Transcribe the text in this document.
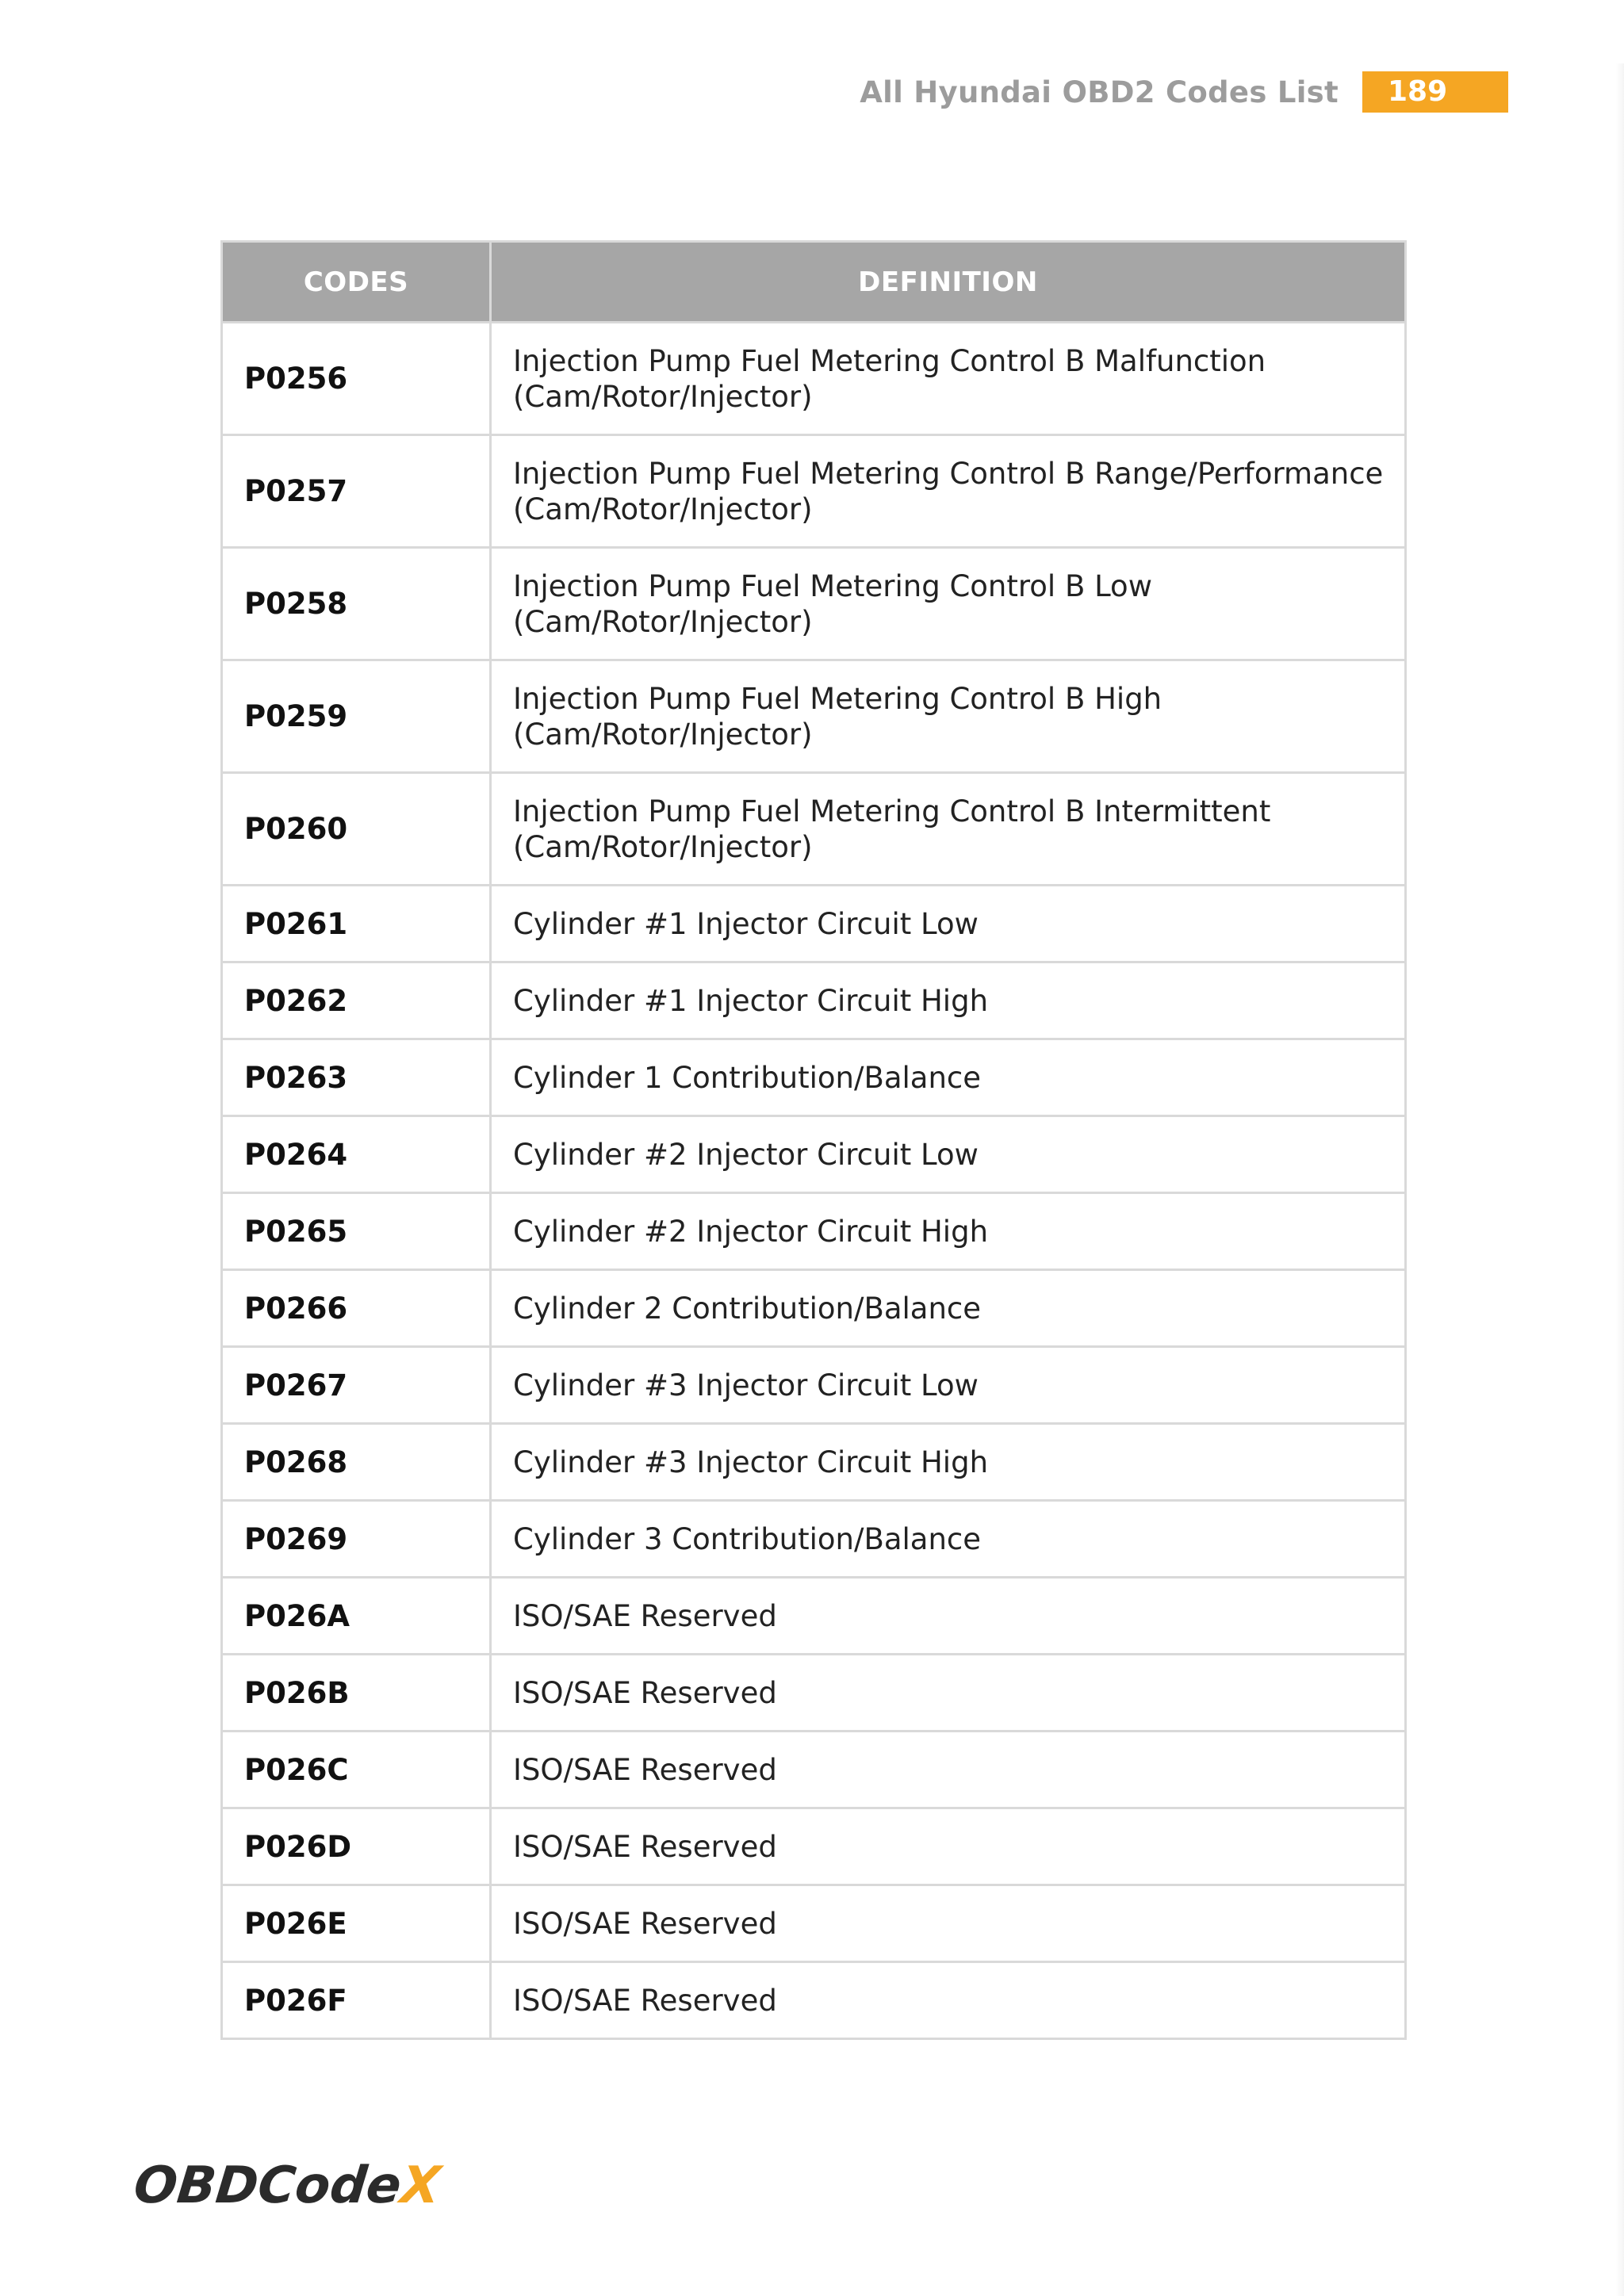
All Hyundai OBD2 Codes List	189
CODES	DEFINITION
P0256	Injection Pump Fuel Metering Control B Malfunction
(Cam/Rotor/Injector)

P0257	Injection Pump Fuel Metering Control B Range/Performance
(Cam/Rotor/Injector)

P0258	Injection Pump Fuel Metering Control B Low
(Cam/Rotor/Injector)

P0259	Injection Pump Fuel Metering Control B High
(Cam/Rotor/Injector)

P0260	Injection Pump Fuel Metering Control B Intermittent
(Cam/Rotor/Injector)

P0261	Cylinder #1 Injector Circuit Low

P0262	Cylinder #1 Injector Circuit High

P0263	Cylinder 1 Contribution/Balance

P0264	Cylinder #2 Injector Circuit Low

P0265	Cylinder #2 Injector Circuit High

P0266	Cylinder 2 Contribution/Balance

P0267	Cylinder #3 Injector Circuit Low

P0268	Cylinder #3 Injector Circuit High

P0269	Cylinder 3 Contribution/Balance

P026A	ISO/SAE Reserved

P026B	ISO/SAE Reserved

P026C	ISO/SAE Reserved

P026D	ISO/SAE Reserved

P026E	ISO/SAE Reserved

P026F	ISO/SAE Reserved
OBDCodeX
